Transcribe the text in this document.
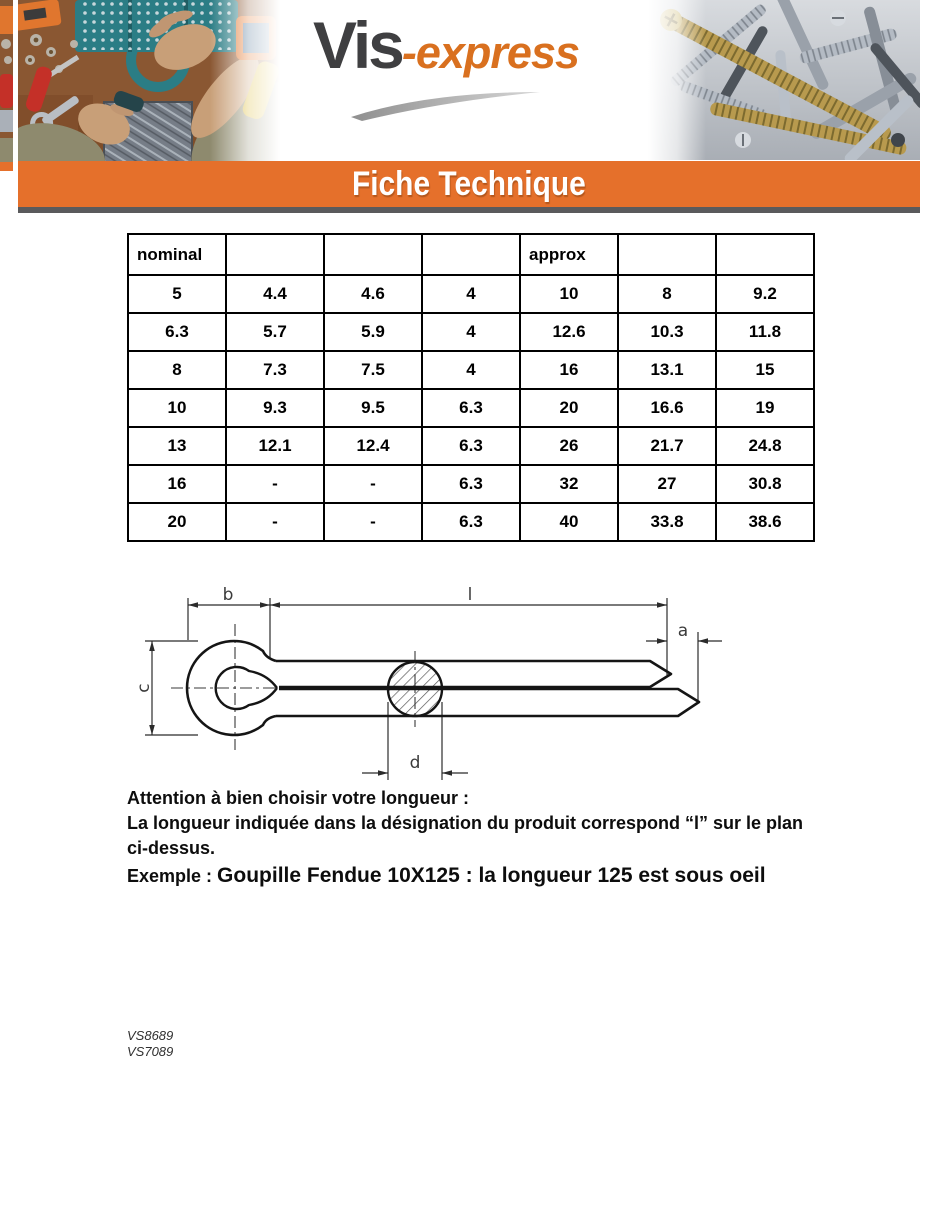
Vis-express
Fiche Technique
nominal				approx		
5	4.4	4.6	4	10	8	9.2
6.3	5.7	5.9	4	12.6	10.3	11.8
8	7.3	7.5	4	16	13.1	15
10	9.3	9.5	6.3	20	16.6	19
13	12.1	12.4	6.3	26	21.7	24.8
16	-	-	6.3	32	27	30.8
20	-	-	6.3	40	33.8	38.6
b	l
a
c
d
Attention à bien choisir votre longueur :
La longueur indiquée dans la désignation du produit correspond “l” sur le plan
ci-dessus.
Exemple : Goupille Fendue 10X125 : la longueur 125 est sous oeil
VS8689
VS7089
